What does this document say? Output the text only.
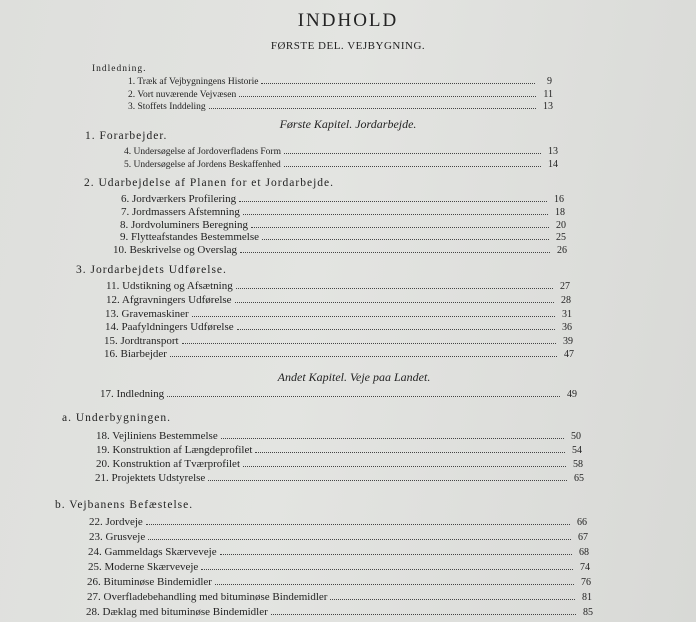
INDHOLD
FØRSTE DEL. VEJBYGNING.
Indledning.
1. Træk af Vejbygningens Historie	9
2. Vort nuværende Vejvæsen	11
3. Stoffets Inddeling	13
Første Kapitel. Jordarbejde.
1. Forarbejder.
4. Undersøgelse af Jordoverfladens Form	13
5. Undersøgelse af Jordens Beskaffenhed	14
2. Udarbejdelse af Planen for et Jordarbejde.
6. Jordværkers Profilering	16
7. Jordmassers Afstemning	18
8. Jordvoluminers Beregning	20
9. Flytteafstandes Bestemmelse	25
10. Beskrivelse og Overslag	26
3. Jordarbejdets Udførelse.
11. Udstikning og Afsætning	27
12. Afgravningers Udførelse	28
13. Gravemaskiner	31
14. Paafyldningers Udførelse	36
15. Jordtransport	39
16. Biarbejder	47
Andet Kapitel. Veje paa Landet.
17. Indledning	49
a. Underbygningen.
18. Vejliniens Bestemmelse	50
19. Konstruktion af Længdeprofilet	54
20. Konstruktion af Tværprofilet	58
21. Projektets Udstyrelse	65
b. Vejbanens Befæstelse.
22. Jordveje	66
23. Grusveje	67
24. Gammeldags Skærveveje	68
25. Moderne Skærveveje	74
26. Bituminøse Bindemidler	76
27. Overfladebehandling med bituminøse Bindemidler	81
28. Dæklag med bituminøse Bindemidler	85
